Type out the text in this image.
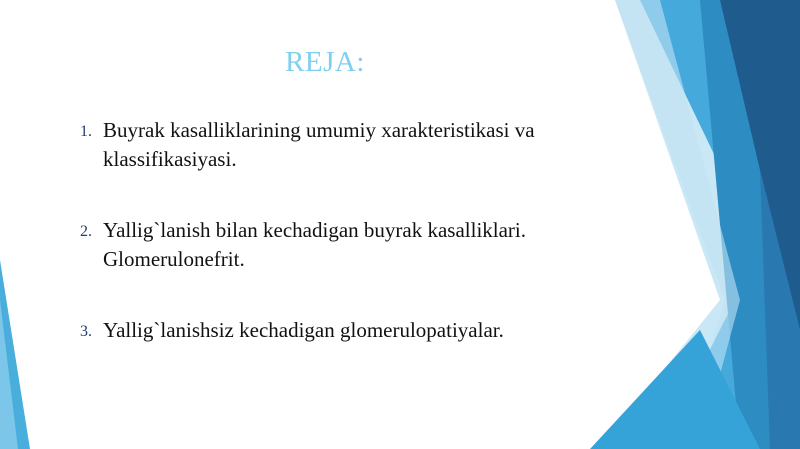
REJA:
1. Buyrak kasalliklarining umumiy xarakteristikasi va klassifikasiyasi.
2. Yallig`lanish bilan kechadigan buyrak kasalliklari. Glomerulonefrit.
3. Yallig`lanishsiz kechadigan glomerulopatiyalar.
